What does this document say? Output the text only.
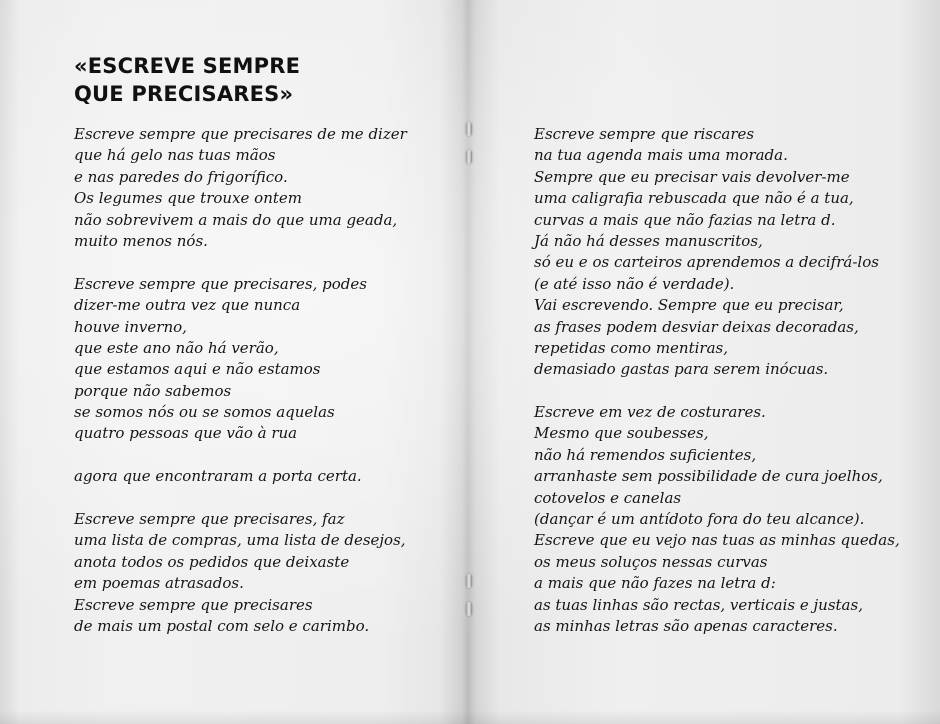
«ESCREVE SEMPRE
QUE PRECISARES»
Escreve sempre que precisares de me dizer
que há gelo nas tuas mãos
e nas paredes do frigorífico.
Os legumes que trouxe ontem
não sobrevivem a mais do que uma geada,
muito menos nós.
Escreve sempre que precisares, podes
dizer-me outra vez que nunca
houve inverno,
que este ano não há verão,
que estamos aqui e não estamos
porque não sabemos
se somos nós ou se somos aquelas
quatro pessoas que vão à rua
agora que encontraram a porta certa.
Escreve sempre que precisares, faz
uma lista de compras, uma lista de desejos,
anota todos os pedidos que deixaste
em poemas atrasados.
Escreve sempre que precisares
de mais um postal com selo e carimbo.
Escreve sempre que riscares
na tua agenda mais uma morada.
Sempre que eu precisar vais devolver-me
uma caligrafia rebuscada que não é a tua,
curvas a mais que não fazias na letra d.
Já não há desses manuscritos,
só eu e os carteiros aprendemos a decifrá-los
(e até isso não é verdade).
Vai escrevendo. Sempre que eu precisar,
as frases podem desviar deixas decoradas,
repetidas como mentiras,
demasiado gastas para serem inócuas.
Escreve em vez de costurares.
Mesmo que soubesses,
não há remendos suficientes,
arranhaste sem possibilidade de cura joelhos,
cotovelos e canelas
(dançar é um antídoto fora do teu alcance).
Escreve que eu vejo nas tuas as minhas quedas,
os meus soluços nessas curvas
a mais que não fazes na letra d:
as tuas linhas são rectas, verticais e justas,
as minhas letras são apenas caracteres.
